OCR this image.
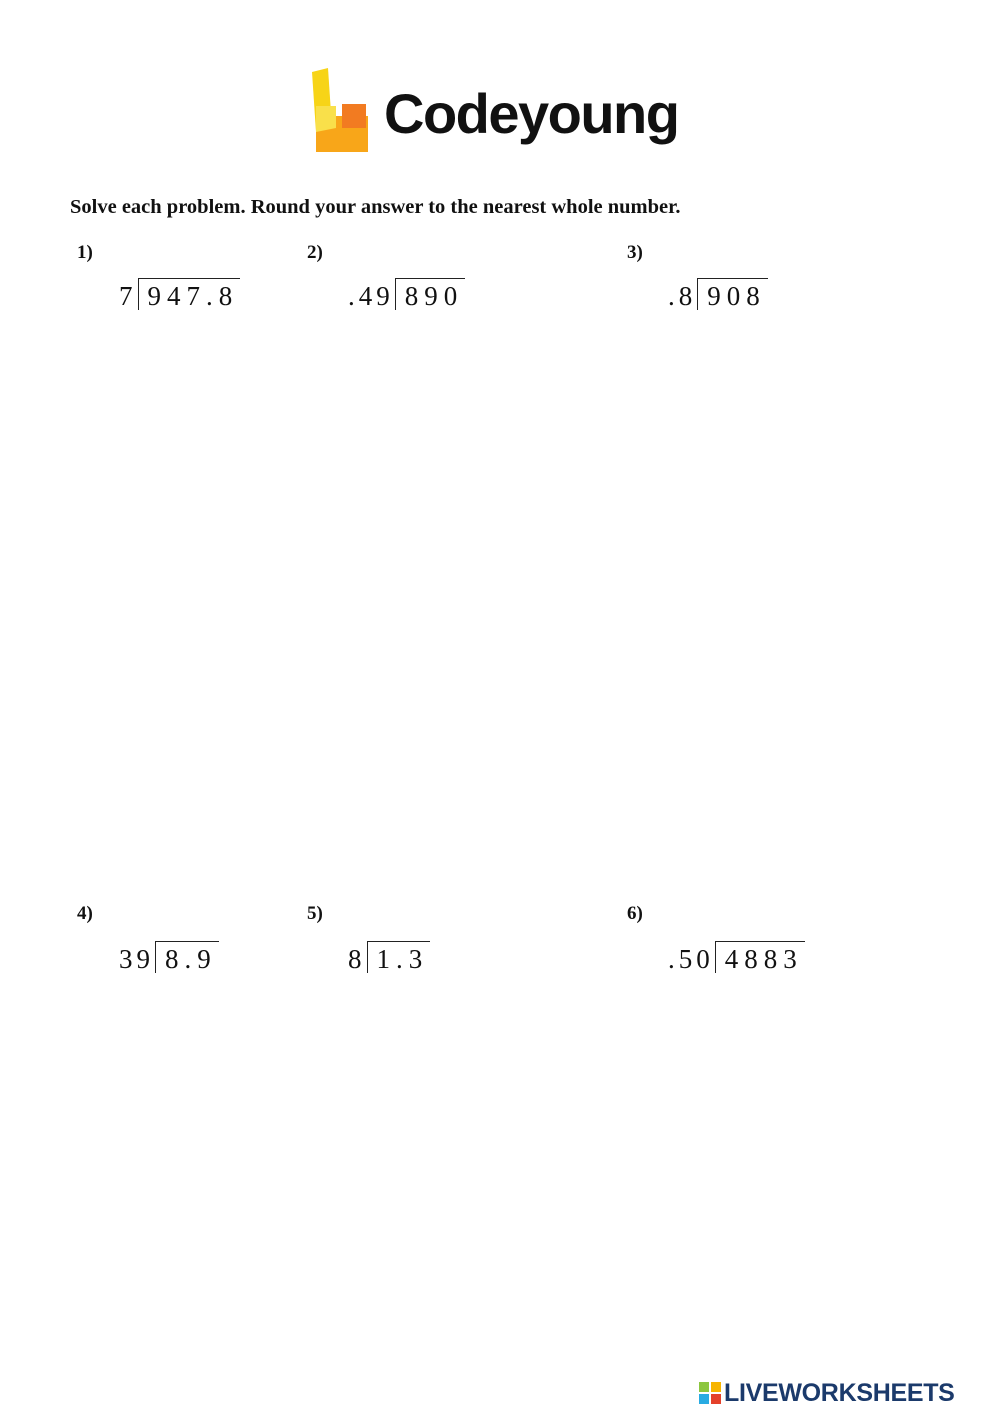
Codeyoung
Solve each problem. Round your answer to the nearest whole number.
1)
7 947.8
2)
.49 890
3)
.8 908
4)
39 8.9
5)
8 1.3
6)
.50 4883
LIVEWORKSHEETS
